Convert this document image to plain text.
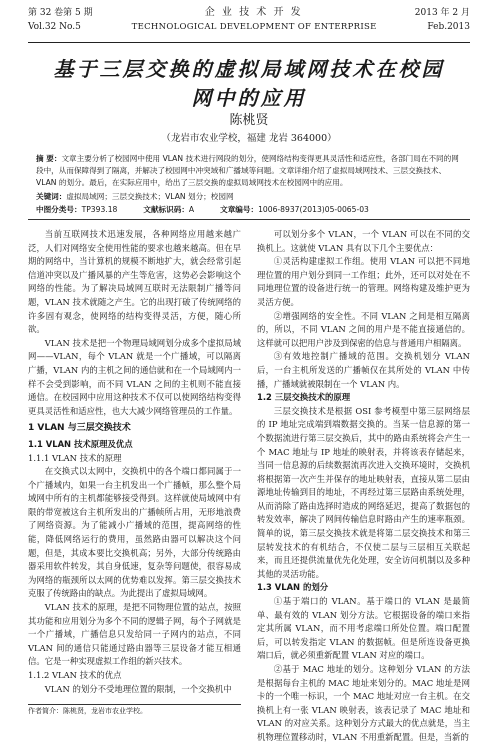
第 32 卷第 5 期	企 业 技 术 开 发	2013 年 2 月
Vol.32 No.5	TECHNOLOGICAL DEVELOPMENT OF ENTERPRISE	Feb.2013
基于三层交换的虚拟局域网技术在校园
网中的应用
陈桃贤
（龙岩市农业学校，福建 龙岩 364000）
摘 要：文章主要分析了校园网中使用 VLAN 技术进行网段的划分，使网络结构变得更具灵活性和适应性，各部门局在不同的网段中，从而保障得到了隔离，并解决了校园网中冲突域和广播域等问题。文章详细介绍了虚拟局域网技术、三层交换技术、VLAN 的划分。最后，在实际应用中，给出了三层交换的虚拟局域网技术在校园网中的应用。
关键词：虚拟局域网；三层交换技术；VLAN 划分；校园网
中图分类号：TP393.18	文献标识码：A	文章编号：1006-8937(2013)05-0065-03

当前互联网技术迅速发展，各种网络应用越来越广泛，人们对网络安全使用性能的要求也越来越高。但在早期的网络中，当计算机的规模不断地扩大，就会经常引起信道冲突以及广播风暴的产生等危害，这势必会影响这个网络的性能。为了解决局域网互联时无法限制广播等问题，VLAN 技术就随之产生。它的出现打破了传统网络的许多固有观念，使网络的结构变得灵活，方便，随心所欲。

VLAN 技术是把一个物理局域网划分成多个虚拟局域网——VLAN，每个 VLAN 就是一个广播域，可以隔离广播，VLAN 内的主机之间的通信就和在一个局域网内一样不会受到影响，而不同 VLAN 之间的主机则不能直接通信。在校园网中应用这种技术不仅可以使网络结构变得更具灵活性和适应性，也大大减少网络管理员的工作量。

1 VLAN 与三层交换技术

1.1 VLAN 技术原理及优点

1.1.1 VLAN 技术的原理

在交换式以太网中，交换机中的各个端口都同属于一个广播域内，如果一台主机发出一个广播帧，那么整个局域网中所有的主机都能够接受得到。这样就使局域网中有限的带宽被这台主机所发出的广播帧所占用，无形地浪费了网络资源。为了能减小广播域的范围，提高网络的性能，降低网络运行的费用，虽然路由器可以解决这个问题，但是，其成本要比交换机高；另外，大部分传统路由器采用软件转发，其自身低速，复杂等问题使，很容易成为网络的瓶颈所以太网的优势难以发挥。第三层交换技术克服了传统路由的缺点。为此提出了虚拟局域网。

VLAN 技术的原理，是把不同物理位置的站点，按照其功能和应用划分为多个不同的逻辑子网，每个子网就是一个广播域，广播信息只发给同一子网内的站点，不同 VLAN 间的通信只能通过路由器等三层设备才能互相通信。它是一种实现虚拟工作组的新兴技术。

1.1.2 VLAN 技术的优点

VLAN 的划分不受地理位置的限制，一个交换机中

可以划分多个 VLAN，一个 VLAN 可以在不同的交换机上。这就使 VLAN 具有以下几个主要优点：

①灵活构建虚拟工作组。使用 VLAN 可以把不同地理位置的用户划分到同一工作组；此外，还可以对处在不同地理位置的设备进行统一的管理。网络构建及维护更为灵活方便。

②增强网络的安全性。不同 VLAN 之间是相互隔离的，所以，不同 VLAN 之间的用户是不能直接通信的。这样就可以把用户涉及到保密的信息与普通用户相隔离。

③有效地控制广播域的范围。交换机划分 VLAN 后，一台主机所发送的广播帧仅在其所处的 VLAN 中传播，广播域就被限制在一个 VLAN 内。

1.2 三层交换技术的原理

三层交换技术是根据 OSI 参考模型中第三层网络层的 IP 地址完成端到端数据交换的。当某一信息源的第一个数据流进行第三层交换后，其中的路由系统将会产生一个 MAC 地址与 IP 地址的映射表，并将该表存储起来，当同一信息源的后续数据流再次进入交换环境时，交换机将根据第一次产生并保存的地址映射表，直接从第二层由源地址传输到目的地址，不再经过第三层路由系统处理，从而消除了路由选择时造成的网络延迟，提高了数据包的转发效率，解决了网间传输信息时路由产生的速率瓶颈。简单的说，第三层交换技术就是将第二层交换技术和第三层转发技术的有机结合，不仅使二层与三层相互关联起来，而且还提供流量优先化处理，安全访问机制以及多种其他的灵活功能。

1.3 VLAN 的划分

①基于端口的 VLAN。基于端口的 VLAN 是最简单、最有效的 VLAN 划分方法。它根据设备的端口来指定其所属 VLAN，而不用考虑端口所处位置。端口配置后，可以转发指定 VLAN 的数据帧。但是所连设备更换端口后，就必须重新配置 VLAN 对应的端口。

②基于 MAC 地址的划分。这种划分 VLAN 的方法是根据每台主机的 MAC 地址来划分的。MAC 地址是网卡的一个唯一标识，一个 MAC 地址对应一台主机。在交换机上有一张 VLAN 映射表，该表记录了 MAC 地址和 VLAN 的对应关系。这种划分方式最大的优点就是，当主机物理位置移动时，VLAN 不用重新配置。但是，当新的

作者简介：陈桃贤，龙岩市农业学校。
